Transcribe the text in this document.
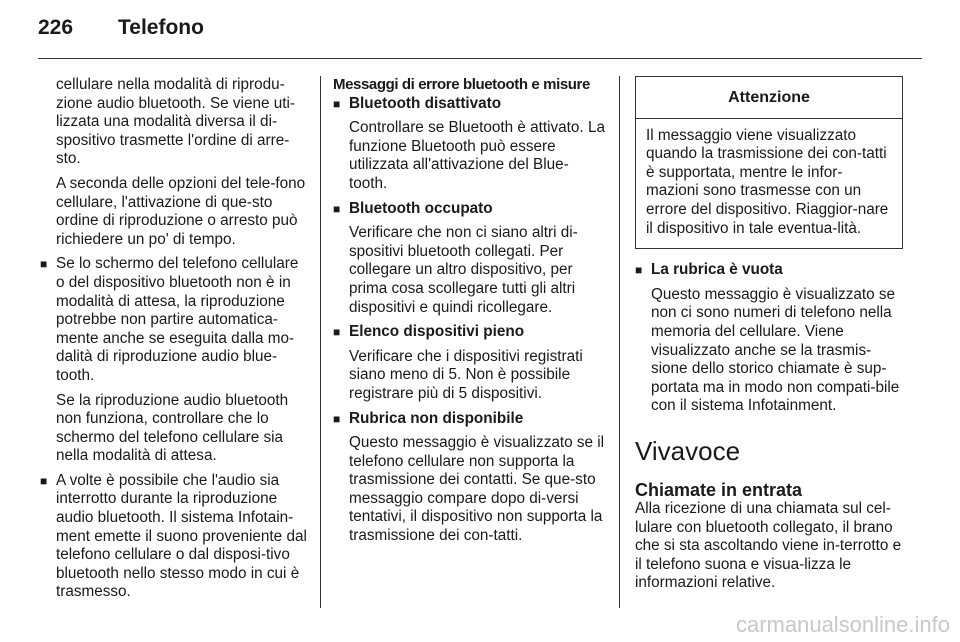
226 Telefono

cellulare nella modalità di riprodu-zione audio bluetooth. Se viene uti-lizzata una modalità diversa il di-spositivo trasmette l'ordine di arre-sto.

A seconda delle opzioni del tele-fono cellulare, l'attivazione di que-sto ordine di riproduzione o arresto può richiedere un po' di tempo.

■ Se lo schermo del telefono cellulare o del dispositivo bluetooth non è in modalità di attesa, la riproduzione potrebbe non partire automatica-mente anche se eseguita dalla mo-dalità di riproduzione audio blue-tooth.

Se la riproduzione audio bluetooth non funziona, controllare che lo schermo del telefono cellulare sia nella modalità di attesa.

■ A volte è possibile che l'audio sia interrotto durante la riproduzione audio bluetooth. Il sistema Infotain-ment emette il suono proveniente dal telefono cellulare o dal disposi-tivo bluetooth nello stesso modo in cui è trasmesso.

Messaggi di errore bluetooth e misure
■ Bluetooth disattivato

Controllare se Bluetooth è attivato. La funzione Bluetooth può essere utilizzata all'attivazione del Blue-tooth.

■ Bluetooth occupato

Verificare che non ci siano altri di-spositivi bluetooth collegati. Per collegare un altro dispositivo, per prima cosa scollegare tutti gli altri dispositivi e quindi ricollegare.

■ Elenco dispositivi pieno

Verificare che i dispositivi registrati siano meno di 5. Non è possibile registrare più di 5 dispositivi.

■ Rubrica non disponibile

Questo messaggio è visualizzato se il telefono cellulare non supporta la trasmissione dei contatti. Se que-sto messaggio compare dopo di-versi tentativi, il dispositivo non supporta la trasmissione dei con-tatti.

Attenzione
Il messaggio viene visualizzato quando la trasmissione dei con-tatti è supportata, mentre le infor-mazioni sono trasmesse con un errore del dispositivo. Riaggior-nare il dispositivo in tale eventua-lità.
■ La rubrica è vuota

Questo messaggio è visualizzato se non ci sono numeri di telefono nella memoria del cellulare. Viene visualizzato anche se la trasmis-sione dello storico chiamate è sup-portata ma in modo non compati-bile con il sistema Infotainment.

Vivavoce
Chiamate in entrata

Alla ricezione di una chiamata sul cel-lulare con bluetooth collegato, il brano che si sta ascoltando viene in-terrotto e il telefono suona e visua-lizza le informazioni relative.

carmanualsonline.info
